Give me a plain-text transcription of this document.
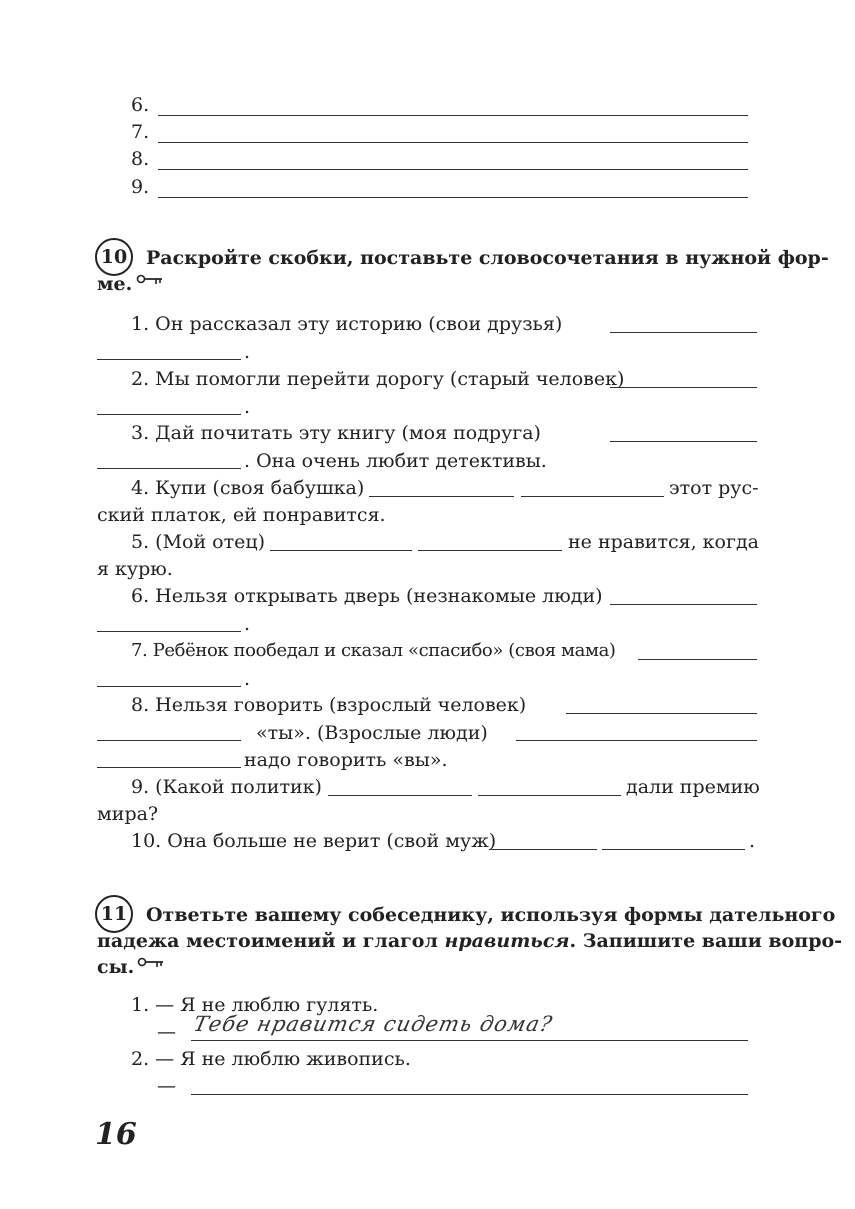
6.
7.
8.
9.
10 Раскройте скобки, поставьте словосочетания в нужной фор-
ме.
1. Он рассказал эту историю (свои друзья)
.
2. Мы помогли перейти дорогу (старый человек)
.
3. Дай почитать эту книгу (моя подруга)
. Она очень любит детективы.
4. Купи (своя бабушка)	этот рус-
ский платок, ей понравится.
5. (Мой отец)	не нравится, когда
я курю.
6. Нельзя открывать дверь (незнакомые люди)
.
7. Ребёнок пообедал и сказал «спасибо» (своя мама)
.
8. Нельзя говорить (взрослый человек)
«ты». (Взрослые люди)
надо говорить «вы».
9. (Какой политик)	дали премию
мира?
10. Она больше не верит (свой муж)	.
11 Ответьте вашему собеседнику, используя формы дательного
падежа местоимений и глагол нравиться. Запишите ваши вопро-
сы.
1. — Я не люблю гулять.
— Тебе нравится сидеть дома?
2. — Я не люблю живопись.
—
16
